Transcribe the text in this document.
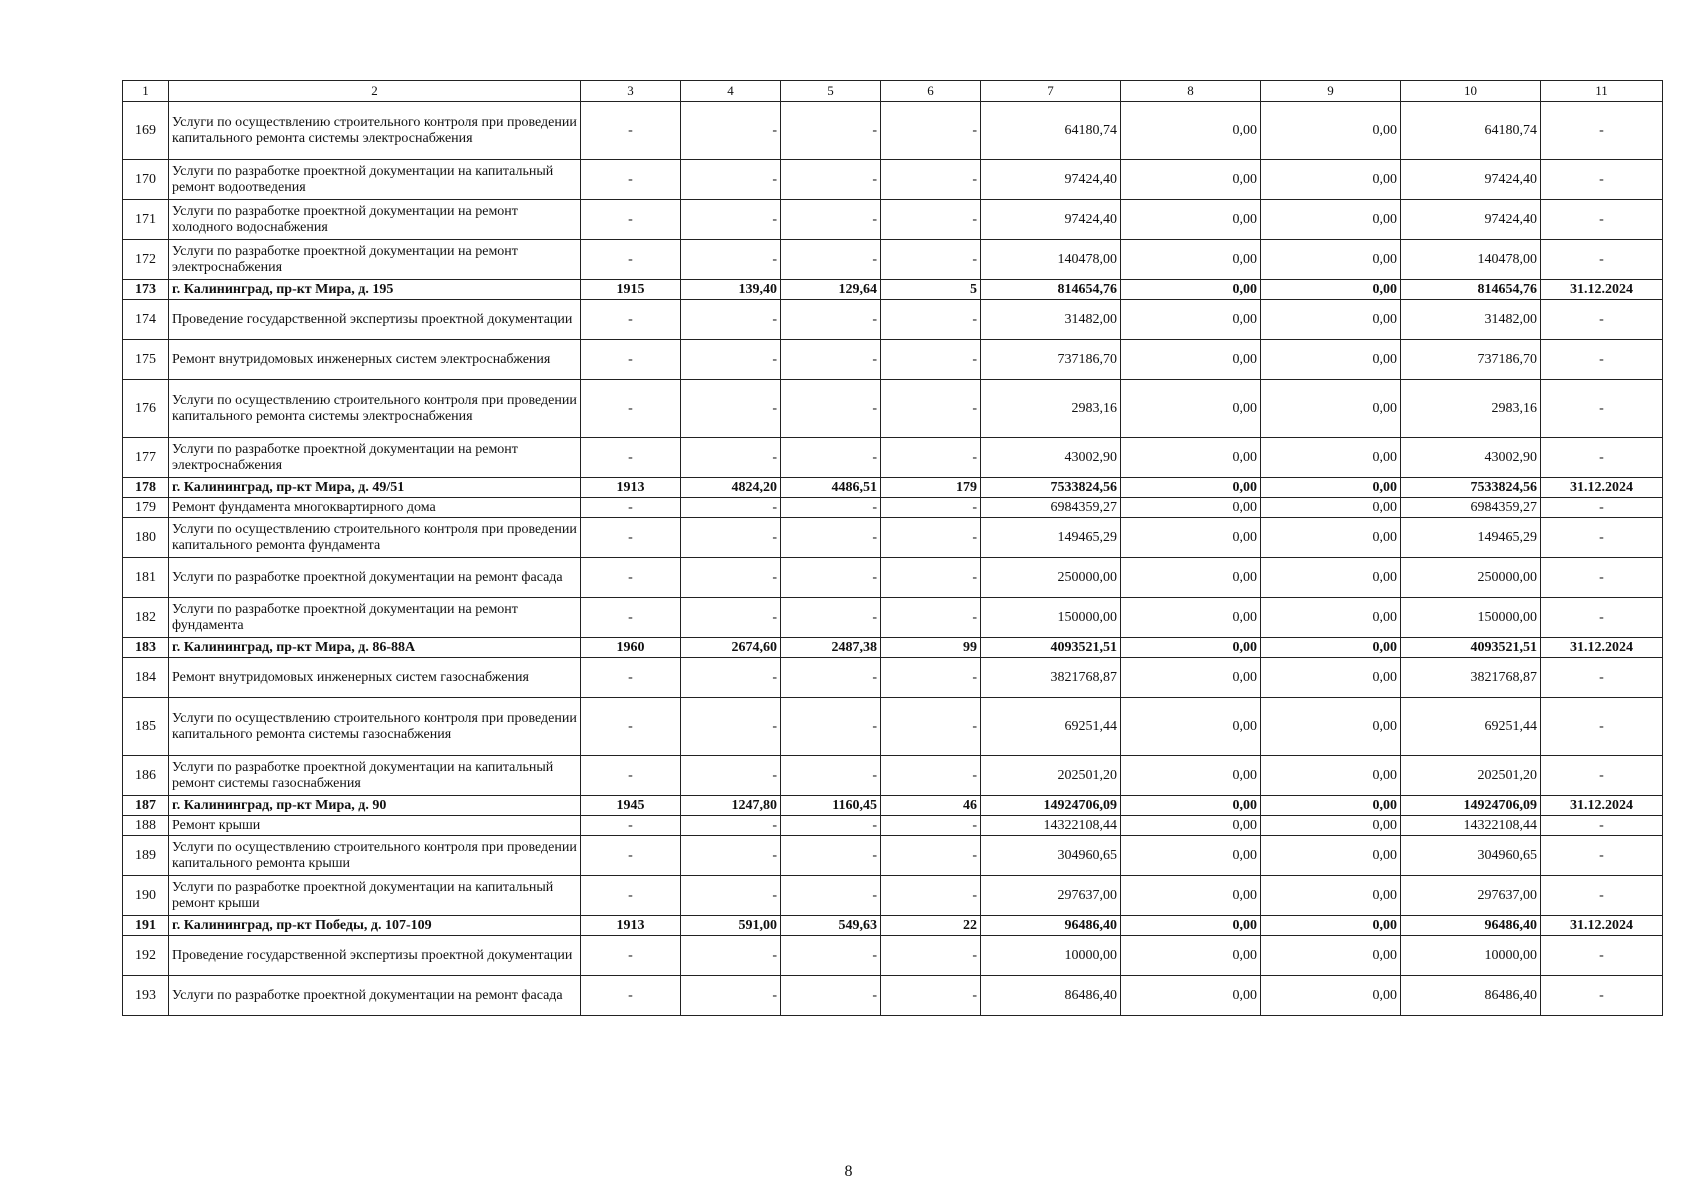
1	2	3	4	5	6	7	8	9	10	11
169	Услуги по осуществлению строительного контроля при проведении капитального ремонта системы электроснабжения	-	-	-	-	64180,74	0,00	0,00	64180,74	-
170	Услуги по разработке проектной документации на капитальный ремонт водоотведения	-	-	-	-	97424,40	0,00	0,00	97424,40	-
171	Услуги по разработке проектной документации на ремонт холодного водоснабжения	-	-	-	-	97424,40	0,00	0,00	97424,40	-
172	Услуги по разработке проектной документации на ремонт электроснабжения	-	-	-	-	140478,00	0,00	0,00	140478,00	-
173	г. Калининград, пр-кт Мира, д. 195	1915	139,40	129,64	5	814654,76	0,00	0,00	814654,76	31.12.2024
174	Проведение государственной экспертизы проектной документации	-	-	-	-	31482,00	0,00	0,00	31482,00	-
175	Ремонт внутридомовых инженерных систем электроснабжения	-	-	-	-	737186,70	0,00	0,00	737186,70	-
176	Услуги по осуществлению строительного контроля при проведении капитального ремонта системы электроснабжения	-	-	-	-	2983,16	0,00	0,00	2983,16	-
177	Услуги по разработке проектной документации на ремонт электроснабжения	-	-	-	-	43002,90	0,00	0,00	43002,90	-
178	г. Калининград, пр-кт Мира, д. 49/51	1913	4824,20	4486,51	179	7533824,56	0,00	0,00	7533824,56	31.12.2024
179	Ремонт фундамента многоквартирного дома	-	-	-	-	6984359,27	0,00	0,00	6984359,27	-
180	Услуги по осуществлению строительного контроля при проведении капитального ремонта фундамента	-	-	-	-	149465,29	0,00	0,00	149465,29	-
181	Услуги по разработке проектной документации на ремонт фасада	-	-	-	-	250000,00	0,00	0,00	250000,00	-
182	Услуги по разработке проектной документации на ремонт фундамента	-	-	-	-	150000,00	0,00	0,00	150000,00	-
183	г. Калининград, пр-кт Мира, д. 86-88А	1960	2674,60	2487,38	99	4093521,51	0,00	0,00	4093521,51	31.12.2024
184	Ремонт внутридомовых инженерных систем газоснабжения	-	-	-	-	3821768,87	0,00	0,00	3821768,87	-
185	Услуги по осуществлению строительного контроля при проведении капитального ремонта системы газоснабжения	-	-	-	-	69251,44	0,00	0,00	69251,44	-
186	Услуги по разработке проектной документации на капитальный ремонт системы газоснабжения	-	-	-	-	202501,20	0,00	0,00	202501,20	-
187	г. Калининград, пр-кт Мира, д. 90	1945	1247,80	1160,45	46	14924706,09	0,00	0,00	14924706,09	31.12.2024
188	Ремонт крыши	-	-	-	-	14322108,44	0,00	0,00	14322108,44	-
189	Услуги по осуществлению строительного контроля при проведении капитального ремонта крыши	-	-	-	-	304960,65	0,00	0,00	304960,65	-
190	Услуги по разработке проектной документации на капитальный ремонт крыши	-	-	-	-	297637,00	0,00	0,00	297637,00	-
191	г. Калининград, пр-кт Победы, д. 107-109	1913	591,00	549,63	22	96486,40	0,00	0,00	96486,40	31.12.2024
192	Проведение государственной экспертизы проектной документации	-	-	-	-	10000,00	0,00	0,00	10000,00	-
193	Услуги по разработке проектной документации на ремонт фасада	-	-	-	-	86486,40	0,00	0,00	86486,40	-
8
